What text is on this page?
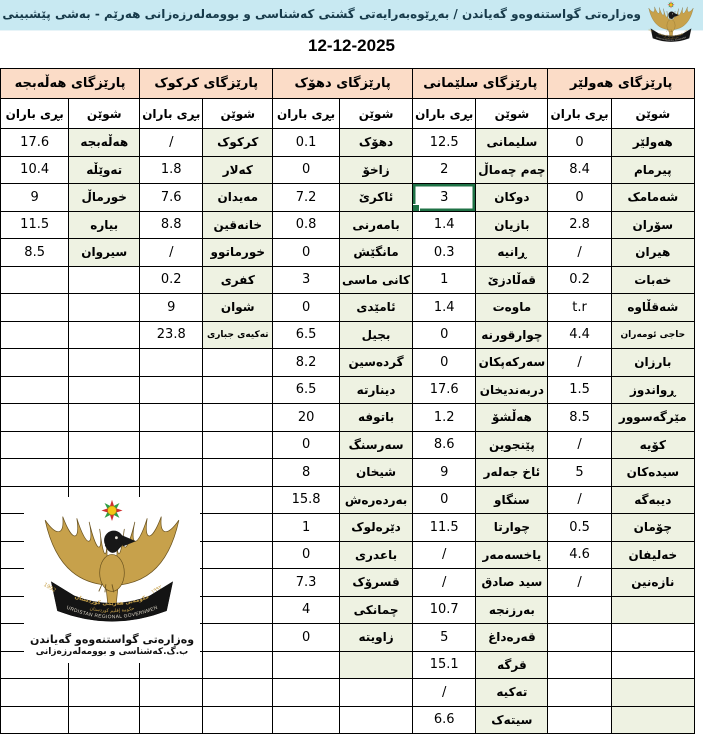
وەزارەتی گواستنەوەو گەیاندن / بەڕێوەبەرایەتی گشتی کەشناسی و بوومەلەرزەزانی هەرێم - بەشی پێشبینی
12-12-2025
پارێزگای هەولێر		پارێزگای سلێمانی		پارێزگای دهۆک		پارێزگای کرکوک		پارێزگای هەڵەبجە	
شوێن	بڕی باران	شوێن	بڕی باران	شوێن	بڕی باران	شوێن	بڕی باران	شوێن	بڕی باران
هەولێر	0	سلیمانی	12.5	دهۆک	0.1	کرکوک	/	هەڵەبجە	17.6
پیرمام	8.4	چەم چەماڵ	2	زاخۆ	0	کەلار	1.8	تەوێڵە	10.4
شەمامک	0	دوکان	3	ئاکرێ	7.2	مەیدان	7.6	خورماڵ	9
سۆران	2.8	بازیان	1.4	بامەرنی	0.8	خانەقین	8.8	بیارە	11.5
هیران	/	ڕانیە	0.3	مانگێش	0	خورماتوو	/	سیروان	8.5
خەبات	0.2	قەڵادزێ	1	کانی ماسی	3	کفری	0.2		
شەقڵاوە	t.r	ماوەت	1.4	ئامێدی	0	شوان	9		
حاجی ئومەران	4.4	چوارقورنە	0	بجیل	6.5	تەکیەی جباری	23.8		
بارزان	/	سەرکەپکان	0	گردەسین	8.2				
ڕواندوز	1.5	دربەندیخان	17.6	دینارتە	6.5				
مێرگەسوور	8.5	هەڵشۆ	1.2	باتوفە	20				
کۆیە	/	پێنجوین	8.6	سەرسنگ	0				
سیدەکان	5	ئاخ جەلەر	9	شیخان	8				
دیبەگە	/	سنگاو	0	بەردەرەش	15.8				
چۆمان	0.5	چوارتا	11.5	دێرەلوک	1				
خەلیفان	4.6	یاخسەمەر	/	باعدری	0				
نازەنین	/	سید صادق	/	قسرۆک	7.3				
		بەرزنجە	10.7	چمانکی	4				
		قەرەداغ	5	زاویتە	0				
		قرگە	15.1						
		تەکیە	/						
		سیتەک	6.6						
وەزارەتی گواستنەوەو گەیاندن
ب.گ.کەشناسی و بوومەلەرزەزانی
